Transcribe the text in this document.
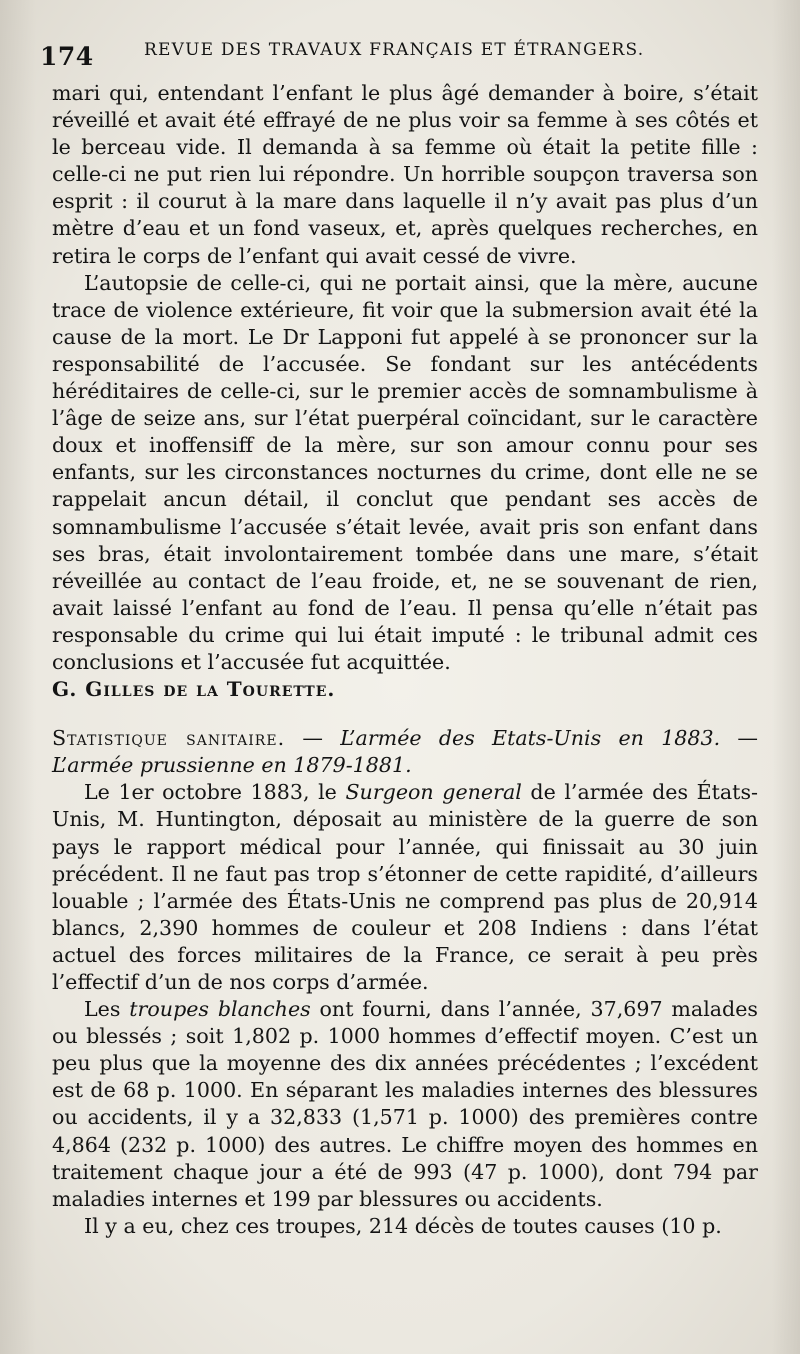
174	REVUE DES TRAVAUX FRANÇAIS ET ÉTRANGERS.

mari qui, entendant l’enfant le plus âgé demander à boire, s’était réveillé et avait été effrayé de ne plus voir sa femme à ses côtés et le berceau vide. Il demanda à sa femme où était la petite fille : celle-ci ne put rien lui répondre. Un horrible soupçon traversa son esprit : il courut à la mare dans laquelle il n’y avait pas plus d’un mètre d’eau et un fond vaseux, et, après quelques recherches, en retira le corps de l’enfant qui avait cessé de vivre.

L’autopsie de celle-ci, qui ne portait ainsi, que la mère, aucune trace de violence extérieure, fit voir que la submersion avait été la cause de la mort. Le Dr Lapponi fut appelé à se prononcer sur la responsabilité de l’accusée. Se fondant sur les antécédents héréditaires de celle-ci, sur le premier accès de somnambulisme à l’âge de seize ans, sur l’état puerpéral coïncidant, sur le caractère doux et inoffensiff de la mère, sur son amour connu pour ses enfants, sur les circonstances nocturnes du crime, dont elle ne se rappelait ancun détail, il conclut que pendant ses accès de somnambulisme l’accusée s’était levée, avait pris son enfant dans ses bras, était involontairement tombée dans une mare, s’était réveillée au contact de l’eau froide, et, ne se souvenant de rien, avait laissé l’enfant au fond de l’eau. Il pensa qu’elle n’était pas responsable du crime qui lui était imputé : le tribunal admit ces conclusions et l’accusée fut acquittée.

G. Gilles de la Tourette.

Statistique sanitaire. — L’armée des Etats-Unis en 1883. — L’armée prussienne en 1879-1881.

Le 1er octobre 1883, le Surgeon general de l’armée des États-Unis, M. Huntington, déposait au ministère de la guerre de son pays le rapport médical pour l’année, qui finissait au 30 juin précédent. Il ne faut pas trop s’étonner de cette rapidité, d’ailleurs louable ; l’armée des États-Unis ne comprend pas plus de 20,914 blancs, 2,390 hommes de couleur et 208 Indiens : dans l’état actuel des forces militaires de la France, ce serait à peu près l’effectif d’un de nos corps d’armée.

Les troupes blanches ont fourni, dans l’année, 37,697 malades ou blessés ; soit 1,802 p. 1000 hommes d’effectif moyen. C’est un peu plus que la moyenne des dix années précédentes ; l’excédent est de 68 p. 1000. En séparant les maladies internes des blessures ou accidents, il y a 32,833 (1,571 p. 1000) des premières contre 4,864 (232 p. 1000) des autres. Le chiffre moyen des hommes en traitement chaque jour a été de 993 (47 p. 1000), dont 794 par maladies internes et 199 par blessures ou accidents.

Il y a eu, chez ces troupes, 214 décès de toutes causes (10 p.
